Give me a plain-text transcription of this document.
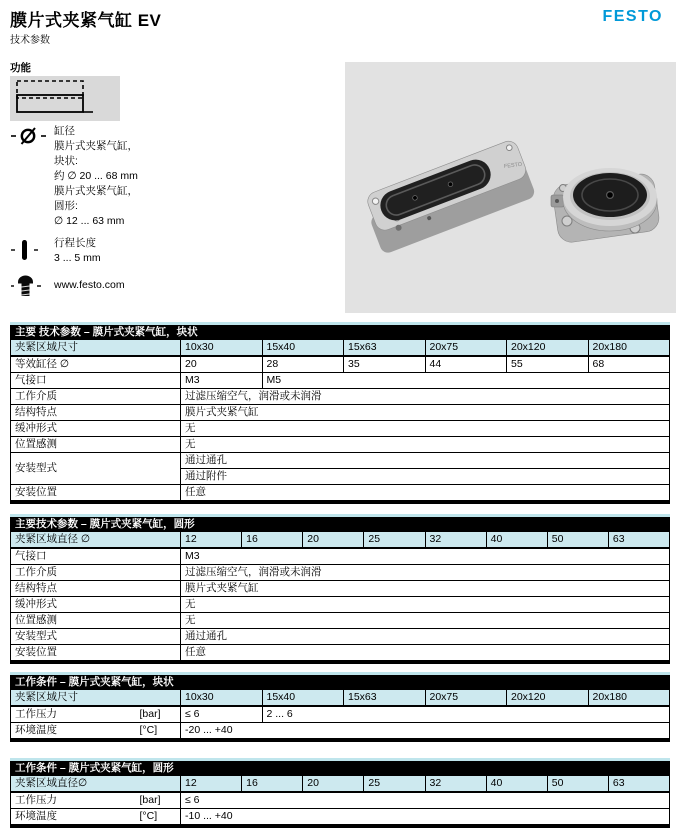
膜片式夹紧气缸 EV
技术参数
FESTO
功能
缸径
膜片式夹紧气缸，
块状:
约 ∅ 20 ... 68 mm
膜片式夹紧气缸，
圆形:
∅ 12 ... 63 mm
行程长度
3 ... 5 mm
www.festo.com
FESTO
主要 技术参数 – 膜片式夹紧气缸，块状						
夹紧区域尺寸	10x30	15x40	15x63	20x75	20x120	20x180
等效缸径 ∅	20	28	35	44	55	68
气接口	M3	M5				
工作介质	过滤压缩空气，润滑或未润滑					
结构特点	膜片式夹紧气缸					
缓冲形式	无					
位置感测	无					
安装型式	通过通孔					
	通过附件					
安装位置	任意					
主要技术参数 – 膜片式夹紧气缸，圆形								
夹紧区域直径 ∅	12	16	20	25	32	40	50	63
气接口	M3							
工作介质	过滤压缩空气，润滑或未润滑							
结构特点	膜片式夹紧气缸							
缓冲形式	无							
位置感测	无							
安装型式	通过通孔							
安装位置	任意							
工作条件 – 膜片式夹紧气缸，块状							
夹紧区域尺寸		10x30	15x40	15x63	20x75	20x120	20x180
工作压力	[bar]	≤ 6	2 ... 6				
环境温度	[°C]	-20 ... +40					
工作条件 – 膜片式夹紧气缸，圆形									
夹紧区域直径∅		12	16	20	25	32	40	50	63
工作压力	[bar]	≤ 6							
环境温度	[°C]	-10 ... +40							
